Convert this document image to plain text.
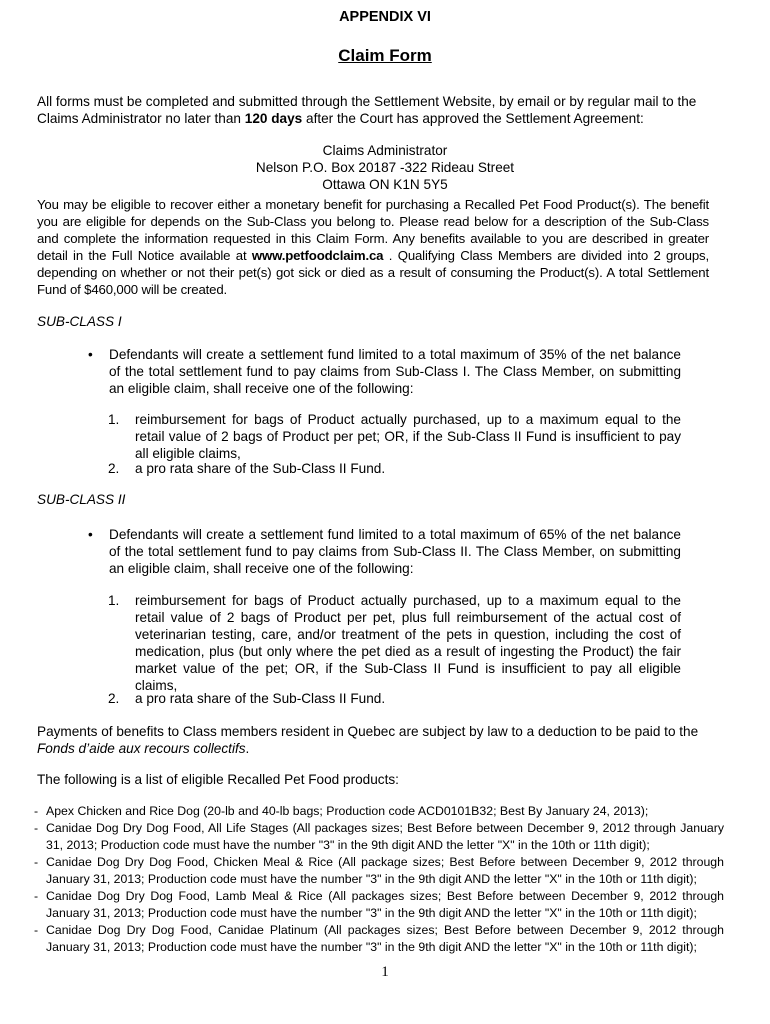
APPENDIX VI
Claim Form
All forms must be completed and submitted through the Settlement Website, by email or by regular mail to the Claims Administrator no later than 120 days after the Court has approved the Settlement Agreement:
Claims Administrator
Nelson P.O. Box 20187 -322 Rideau Street
Ottawa ON K1N 5Y5
You may be eligible to recover either a monetary benefit for purchasing a Recalled Pet Food Product(s). The benefit you are eligible for depends on the Sub-Class you belong to. Please read below for a description of the Sub-Class and complete the information requested in this Claim Form. Any benefits available to you are described in greater detail in the Full Notice available at www.petfoodclaim.ca . Qualifying Class Members are divided into 2 groups, depending on whether or not their pet(s) got sick or died as a result of consuming the Product(s). A total Settlement Fund of $460,000 will be created.
SUB-CLASS I
• Defendants will create a settlement fund limited to a total maximum of 35% of the net balance of the total settlement fund to pay claims from Sub-Class I. The Class Member, on submitting an eligible claim, shall receive one of the following:
1. reimbursement for bags of Product actually purchased, up to a maximum equal to the retail value of 2 bags of Product per pet; OR, if the Sub-Class II Fund is insufficient to pay all eligible claims,
2. a pro rata share of the Sub-Class II Fund.
SUB-CLASS II
• Defendants will create a settlement fund limited to a total maximum of 65% of the net balance of the total settlement fund to pay claims from Sub-Class II. The Class Member, on submitting an eligible claim, shall receive one of the following:
1. reimbursement for bags of Product actually purchased, up to a maximum equal to the retail value of 2 bags of Product per pet, plus full reimbursement of the actual cost of veterinarian testing, care, and/or treatment of the pets in question, including the cost of medication, plus (but only where the pet died as a result of ingesting the Product) the fair market value of the pet; OR, if the Sub-Class II Fund is insufficient to pay all eligible claims,
2. a pro rata share of the Sub-Class II Fund.
Payments of benefits to Class members resident in Quebec are subject by law to a deduction to be paid to the Fonds d’aide aux recours collectifs.
The following is a list of eligible Recalled Pet Food products:
- Apex Chicken and Rice Dog (20-lb and 40-lb bags; Production code ACD0101B32; Best By January 24, 2013);
- Canidae Dog Dry Dog Food, All Life Stages (All packages sizes; Best Before between December 9, 2012 through January 31, 2013; Production code must have the number "3" in the 9th digit AND the letter "X" in the 10th or 11th digit);
- Canidae Dog Dry Dog Food, Chicken Meal & Rice (All package sizes; Best Before between December 9, 2012 through January 31, 2013; Production code must have the number "3" in the 9th digit AND the letter "X" in the 10th or 11th digit);
- Canidae Dog Dry Dog Food, Lamb Meal & Rice (All packages sizes; Best Before between December 9, 2012 through January 31, 2013; Production code must have the number "3" in the 9th digit AND the letter "X" in the 10th or 11th digit);
- Canidae Dog Dry Dog Food, Canidae Platinum (All packages sizes; Best Before between December 9, 2012 through January 31, 2013; Production code must have the number "3" in the 9th digit AND the letter "X" in the 10th or 11th digit);
1
